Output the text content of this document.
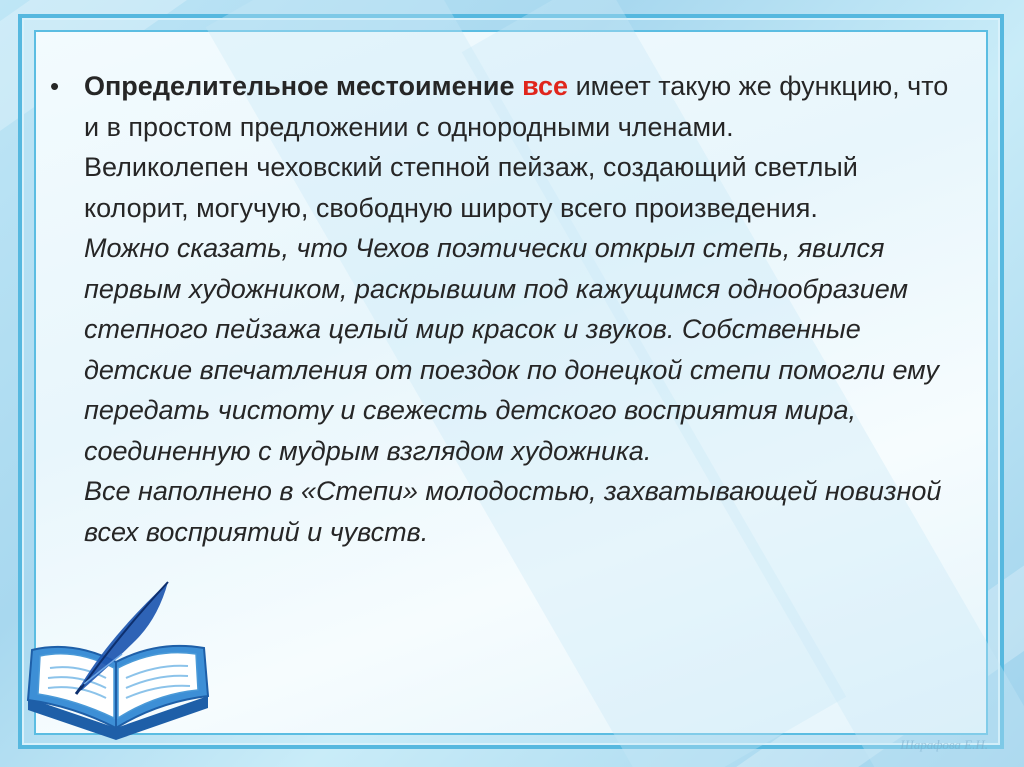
• Определительное местоимение все имеет такую же функцию, что и в простом предложении с однородными членами.
Великолепен чеховский степной пейзаж, создающий светлый колорит, могучую, свободную широту всего произведения.
Можно сказать, что Чехов поэтически открыл степь, явился первым художником, раскрывшим под кажущимся однообразием степного пейзажа целый мир красок и звуков. Собственные детские впечатления от поездок по донецкой степи помогли ему передать чистоту и свежесть детского восприятия мира, соединенную с мудрым взглядом художника.
Все наполнено в «Степи» молодостью, захватывающей новизной всех восприятий и чувств.
Шарафова Е.Н.
